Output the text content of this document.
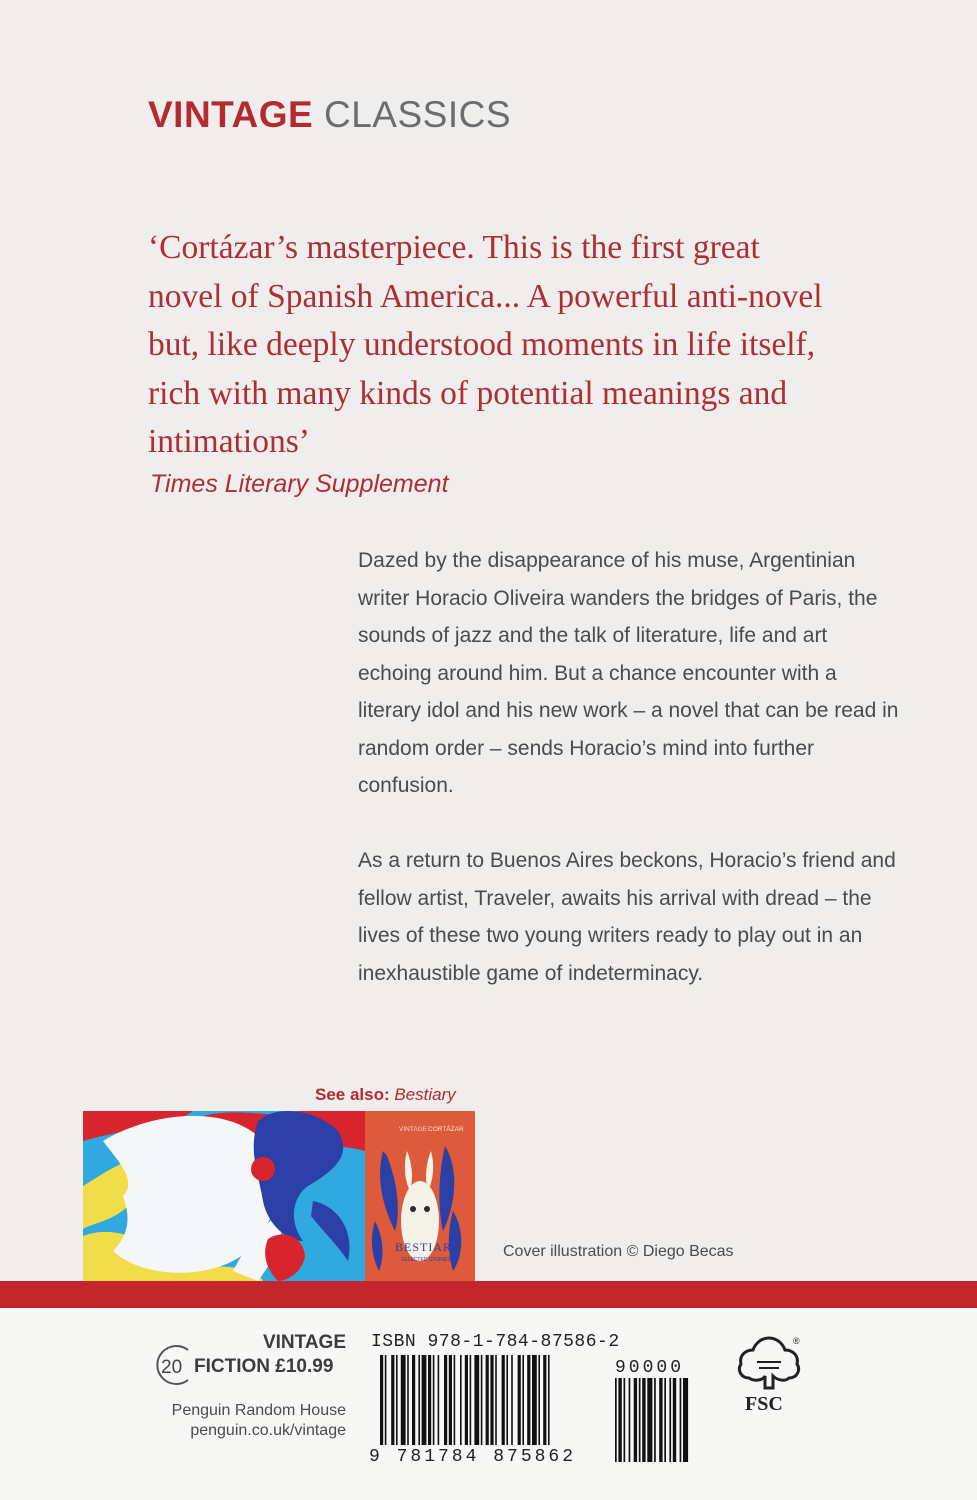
VINTAGE CLASSICS
‘Cortázar’s masterpiece. This is the first great novel of Spanish America... A powerful anti-novel but, like deeply understood moments in life itself, rich with many kinds of potential meanings and intimations’
Times Literary Supplement
Dazed by the disappearance of his muse, Argentinian writer Horacio Oliveira wanders the bridges of Paris, the sounds of jazz and the talk of literature, life and art echoing around him. But a chance encounter with a literary idol and his new work – a novel that can be read in random order – sends Horacio’s mind into further confusion.
As a return to Buenos Aires beckons, Horacio’s friend and fellow artist, Traveler, awaits his arrival with dread – the lives of these two young writers ready to play out in an inexhaustible game of indeterminacy.
See also: Bestiary
VINTAGE CORTÁZAR
BESTIARY
SELECTED STORIES	Cover illustration © Diego Becas
VINTAGE
20 FICTION £10.99
Penguin Random House
penguin.co.uk/vintage
ISBN 978-1-784-87586-2
9 781784 875862
90000
®
FSC
